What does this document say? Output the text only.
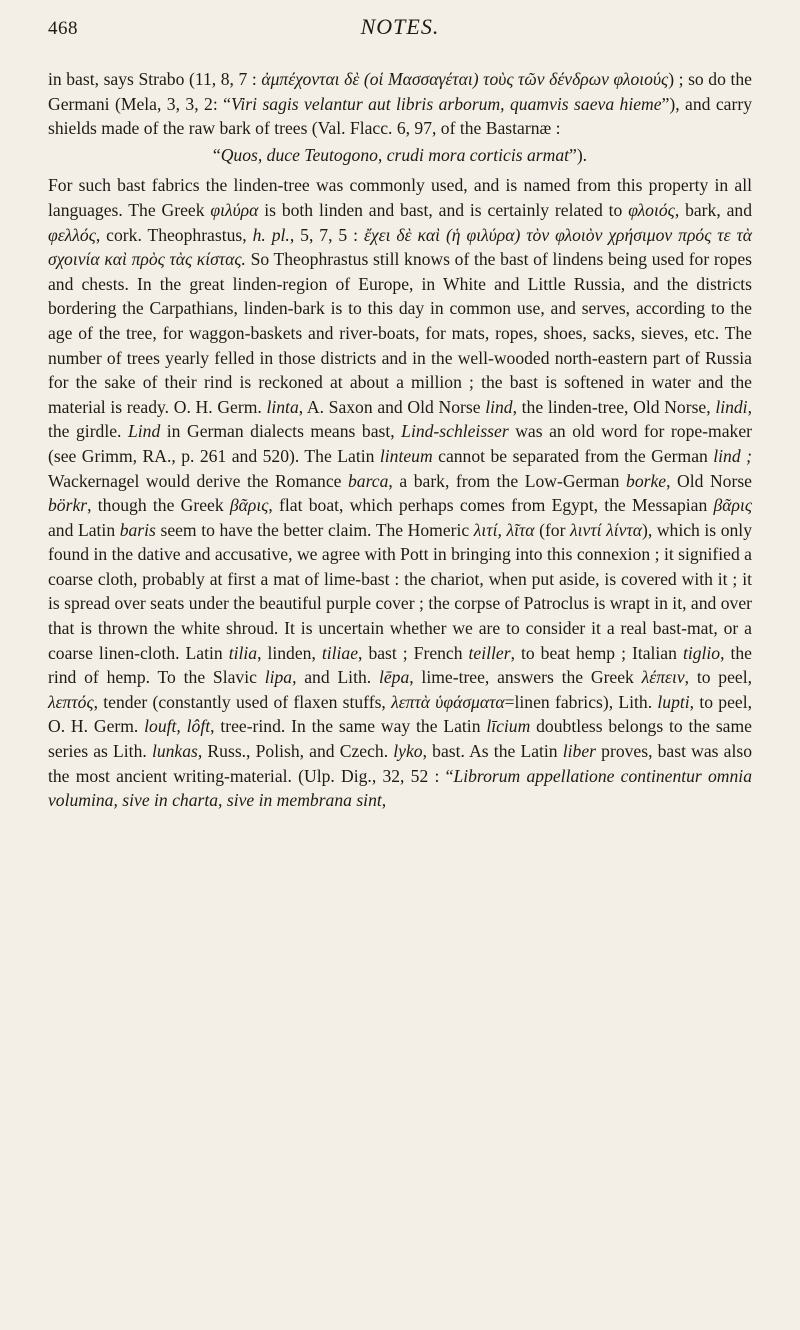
468	NOTES.

in bast, says Strabo (11, 8, 7 : ἀμπέχονται δὲ (οἱ Μασσαγέται) τοὺς τῶν δένδρων φλοιούς) ; so do the Germani (Mela, 3, 3, 2: “Viri sagis velantur aut libris arborum, quamvis saeva hieme”), and carry shields made of the raw bark of trees (Val. Flacc. 6, 97, of the Bastarnæ :

“Quos, duce Teutogono, crudi mora corticis armat”).

For such bast fabrics the linden-tree was commonly used, and is named from this property in all languages. The Greek φιλύρα is both linden and bast, and is certainly related to φλοιός, bark, and φελλός, cork. Theophrastus, h. pl., 5, 7, 5 : ἔχει δὲ καὶ (ἡ φιλύρα) τὸν φλοιὸν χρήσιμον πρός τε τὰ σχοινία καὶ πρὸς τὰς κίστας. So Theophrastus still knows of the bast of lindens being used for ropes and chests. In the great linden-region of Europe, in White and Little Russia, and the districts bordering the Carpathians, linden-bark is to this day in common use, and serves, according to the age of the tree, for waggon-baskets and river-boats, for mats, ropes, shoes, sacks, sieves, etc. The number of trees yearly felled in those districts and in the well-wooded north-eastern part of Russia for the sake of their rind is reckoned at about a million ; the bast is softened in water and the material is ready. O. H. Germ. linta, A. Saxon and Old Norse lind, the linden-tree, Old Norse, lindi, the girdle. Lind in German dialects means bast, Lind-schleisser was an old word for rope-maker (see Grimm, RA., p. 261 and 520). The Latin linteum cannot be separated from the German lind ; Wackernagel would derive the Romance barca, a bark, from the Low-German borke, Old Norse börkr, though the Greek βᾶρις, flat boat, which perhaps comes from Egypt, the Messapian βᾶρις and Latin baris seem to have the better claim. The Homeric λιτί, λῖτα (for λιντί λίντα), which is only found in the dative and accusative, we agree with Pott in bringing into this connexion ; it signified a coarse cloth, probably at first a mat of lime-bast : the chariot, when put aside, is covered with it ; it is spread over seats under the beautiful purple cover ; the corpse of Patroclus is wrapt in it, and over that is thrown the white shroud. It is uncertain whether we are to consider it a real bast-mat, or a coarse linen-cloth. Latin tilia, linden, tiliae, bast ; French teiller, to beat hemp ; Italian tiglio, the rind of hemp. To the Slavic lipa, and Lith. lēpa, lime-tree, answers the Greek λέπειν, to peel, λεπτός, tender (constantly used of flaxen stuffs, λεπτὰ ὑφάσματα=linen fabrics), Lith. lupti, to peel, O. H. Germ. louft, lôft, tree-rind. In the same way the Latin līcium doubtless belongs to the same series as Lith. lunkas, Russ., Polish, and Czech. lyko, bast. As the Latin liber proves, bast was also the most ancient writing-material. (Ulp. Dig., 32, 52 : “Librorum appellatione continentur omnia volumina, sive in charta, sive in membrana sint,
